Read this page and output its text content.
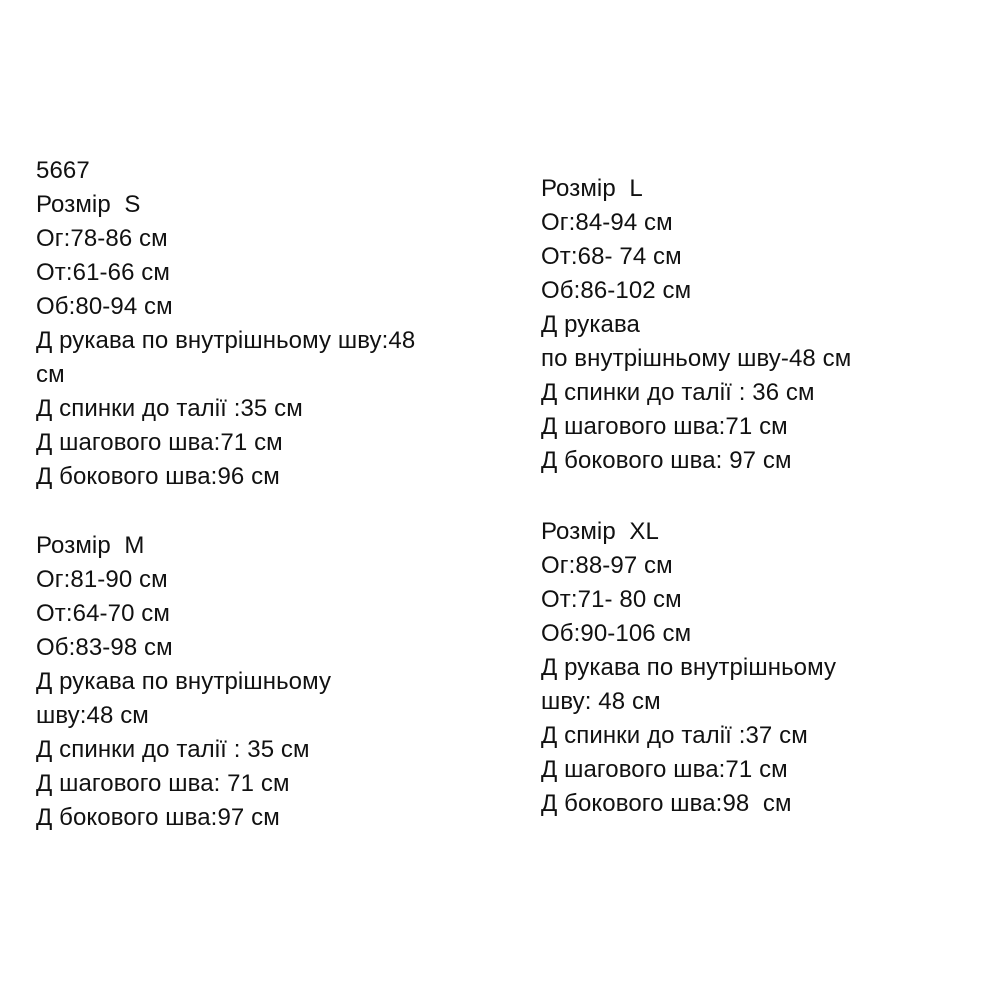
5667
Розмір  S
Ог:78-86 см
От:61-66 см
Об:80-94 см
Д рукава по внутрішньому шву:48
см
Д спинки до талії :35 см
Д шагового шва:71 см
Д бокового шва:96 см
Розмір  M
Ог:81-90 см
От:64-70 см
Об:83-98 см
Д рукава по внутрішньому
шву:48 см
Д спинки до талії : 35 см
Д шагового шва: 71 см
Д бокового шва:97 см
Розмір  L
Ог:84-94 см
От:68- 74 см
Об:86-102 см
Д рукава
по внутрішньому шву-48 см
Д спинки до талії : 36 см
Д шагового шва:71 см
Д бокового шва: 97 см
Розмір  XL
Ог:88-97 см
От:71- 80 см
Об:90-106 см
Д рукава по внутрішньому
шву: 48 см
Д спинки до талії :37 см
Д шагового шва:71 см
Д бокового шва:98  см
